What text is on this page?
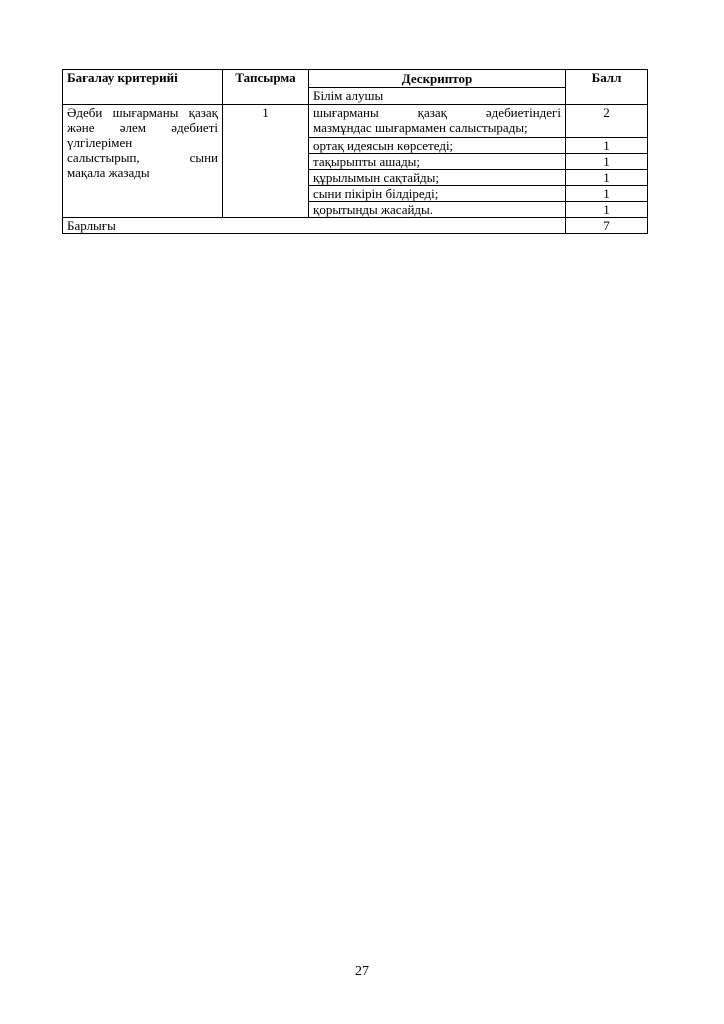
Бағалау критерийі	Тапсырма	Дескриптор	Балл
		Білім алушы	

Әдеби шығарманы қазақ
және әлем әдебиеті
үлгілерімен
салыстырып, сыни
мақала жазады	1	шығарманы қазақ әдебиетіндегі
мазмұндас шығармамен салыстырады;	2
		ортақ идеясын көрсетеді;	1
		тақырыпты ашады;	1
		құрылымын сақтайды;	1
		сыни пікірін білдіреді;	1
		қорытынды жасайды.	1
Барлығы			7
27
